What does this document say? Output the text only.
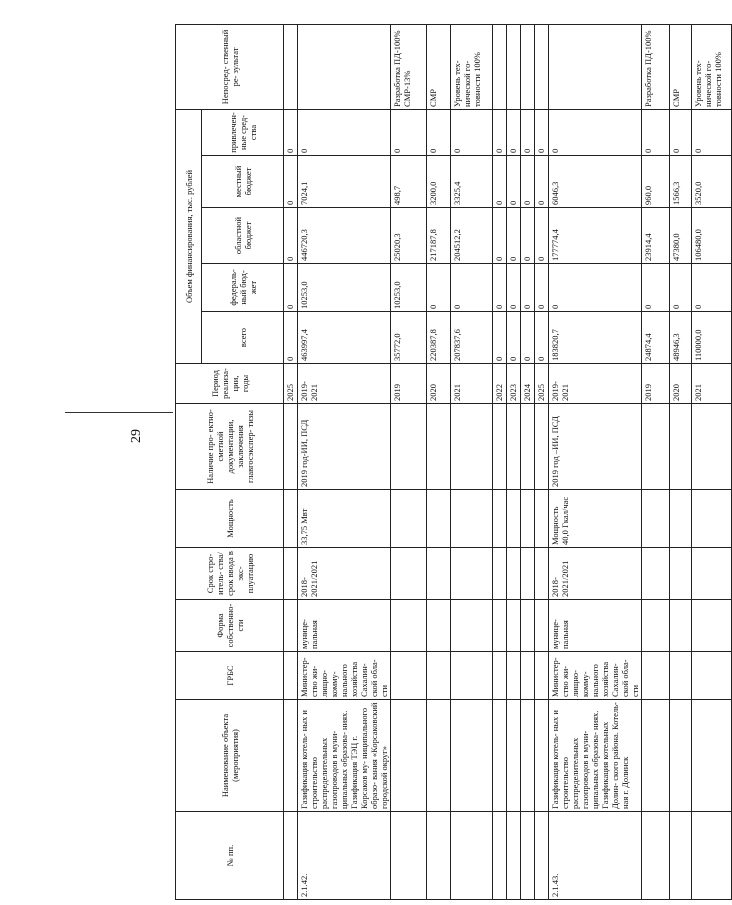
29
№ пп.	Наименование объекта (мероприятия)	ГРБС	Форма собственно- сти	Срок стро- итель- ства/срок ввода в экс- плуатацию	Мощность	Наличие про- ектно-сметной документации, заключения главгосэкспер- тизы	Период реализа- ции, годы	Объем финансирования, тыс. рублей					Непосред- ственный ре- зультат
								всего	федераль- ный бюд- жет	областной бюджет	местный бюджет	привлечен- ные сред- ства	
							2025	0	0	0	0	0	
2.1.42.	Газификация котель- ных и строительство распределительных газопроводов в муни- ципальных образова- ниях. Газификация ТЭЦ г. Корсаков му- ниципального образо- вания «Корсаковский городской округ»	Министер- ство жи- лищно- комму- нального хозяйства Сахалин- ской обла- сти	мунице- пальная	2018- 2021/2021	33,75 Мвт	2019 год-ИИ, ПСД	2019- 2021	463997,4	10253,0	446720,3	7024,1	0	
							2019	35772,0	10253,0	25020,3	498,7	0	Разработка ПД-100% СМР-13%
							2020	220387,8	0	217187,8	3200,0	0	СМР
							2021	207837,6	0	204512,2	3325,4	0	Уровень тех- нической го- товности 100%
							2022	0	0	0	0	0	
							2023	0	0	0	0	0	
							2024	0	0	0	0	0	
							2025	0	0	0	0	0	
2.1.43.	Газификация котель- ных и строительство распределительных газопроводов в муни- ципальных образова- ниях. Газификация котельных Долин- ского района. Котель- ная г. Долинск	Министер- ство жи- лищно- комму- нального хозяйства Сахалин- ской обла- сти	мунице- пальная	2018- 2021/2021	Мощность 40,0 Гкал/час	2019 год –ИИ, ПСД	2019- 2021	183820,7	0	177774,4	6046,3	0	
							2019	24874,4	0	23914,4	960,0	0	Разработка ПД-100%
							2020	48946,3	0	47380,0	1566,3	0	СМР
							2021	110000,0	0	106480,0	3520,0	0	Уровень тех- нической го- товности 100%
